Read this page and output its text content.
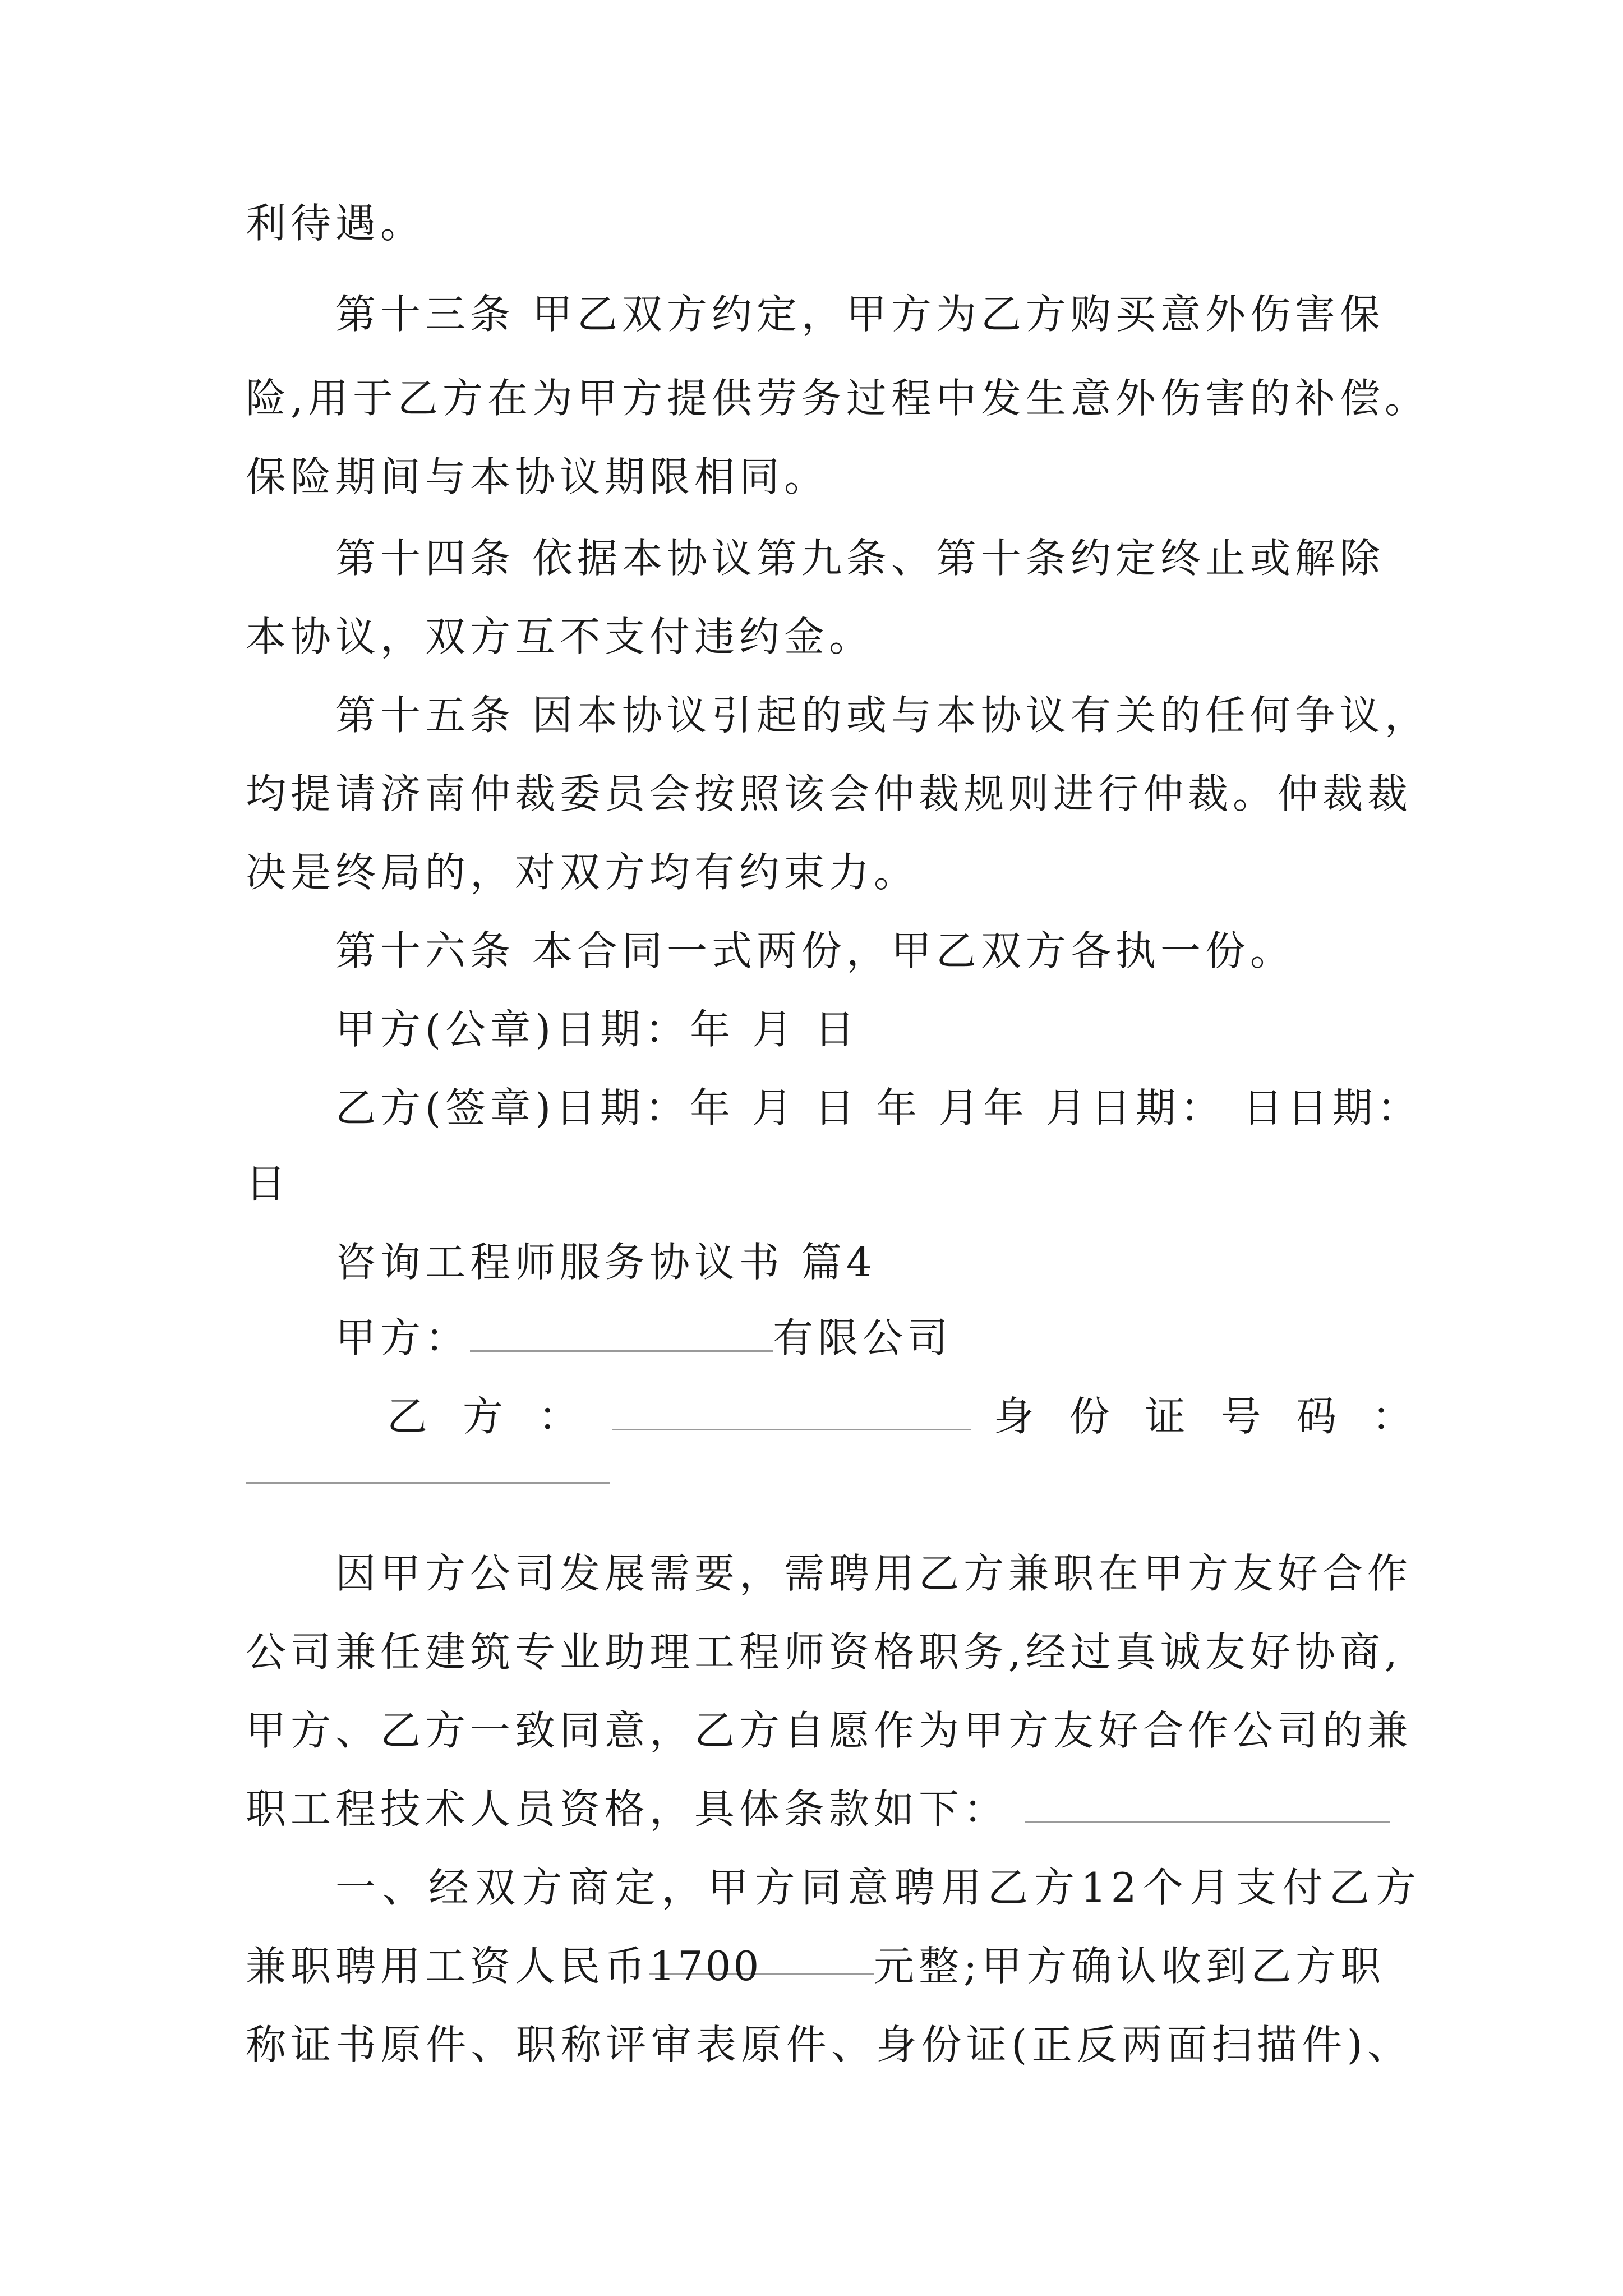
利待遇。
第十三条 甲乙双方约定，甲方为乙方购买意外伤害保
险,用于乙方在为甲方提供劳务过程中发生意外伤害的补偿。
保险期间与本协议期限相同。
第十四条 依据本协议第九条、第十条约定终止或解除
本协议，双方互不支付违约金。
第十五条 因本协议引起的或与本协议有关的任何争议，
均提请济南仲裁委员会按照该会仲裁规则进行仲裁。仲裁裁
决是终局的，对双方均有约束力。
第十六条 本合同一式两份，甲乙双方各执一份。
甲方(公章)日期：年 月 日
乙方(签章)日期：年 月 日 年 月年 月日期： 日日期：
日
咨询工程师服务协议书 篇4
甲方：	有限公司
乙 方 ：	身 份 证 号 码 ：
因甲方公司发展需要，需聘用乙方兼职在甲方友好合作
公司兼任建筑专业助理工程师资格职务,经过真诚友好协商,
甲方、乙方一致同意，乙方自愿作为甲方友好合作公司的兼
职工程技术人员资格，具体条款如下：
一、经双方商定，甲方同意聘用乙方12个月支付乙方
兼职聘用工资人民币1700	元整;甲方确认收到乙方职
称证书原件、职称评审表原件、身份证(正反两面扫描件)、
